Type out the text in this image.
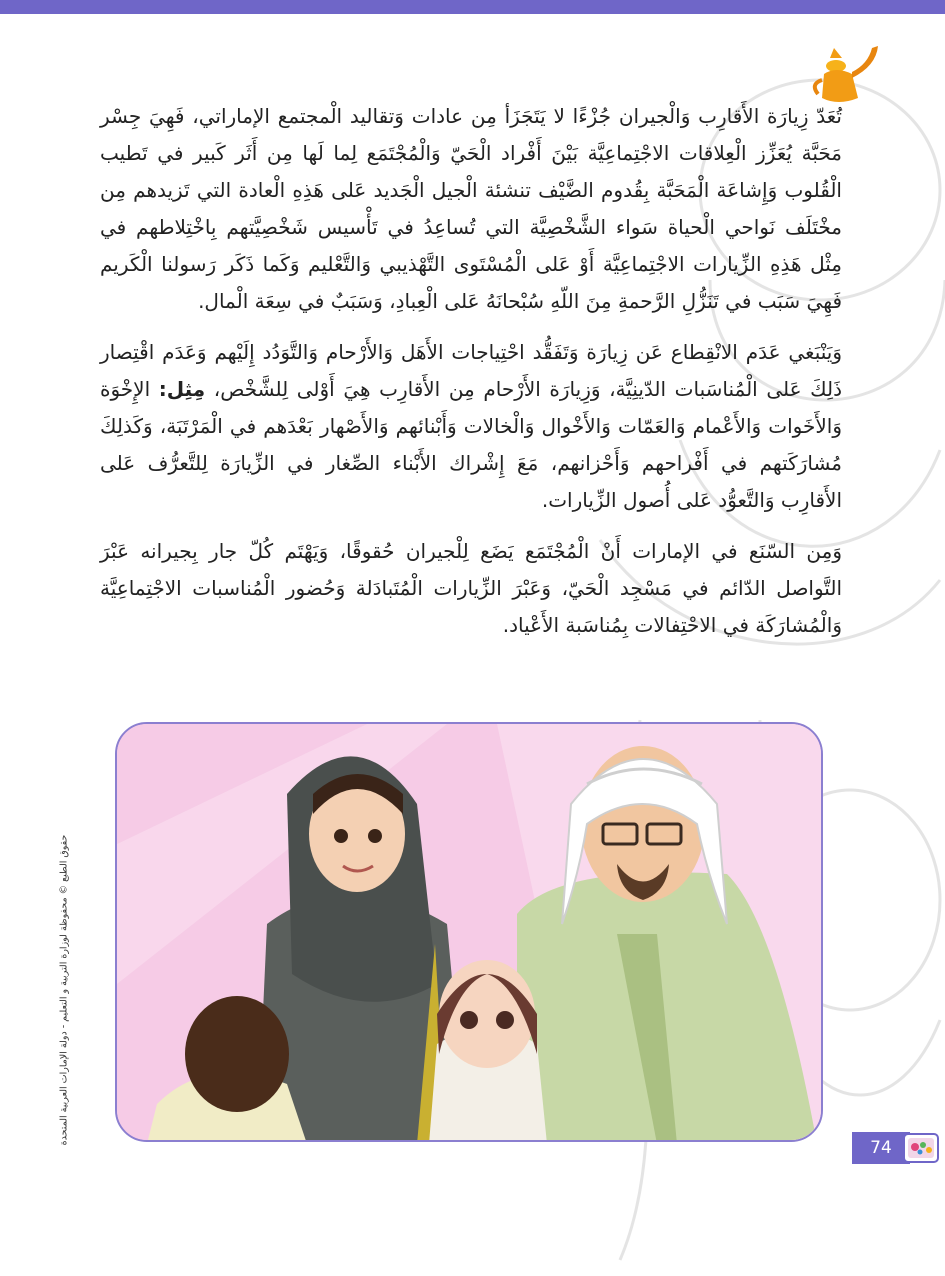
تُعَدّ زِيارَة الأَقارِب وَالْجيران جُزْءًا لا يَتَجَزَأ مِن عادات وَتقاليد الْمجتمع الإماراتي، فَهِيَ جِسْر مَحَبَّة يُعَزِّز الْعِلاقات الاجْتِماعِيَّة بَيْنَ أَفْراد الْحَيّ وَالْمُجْتَمَع لِما لَها مِن أَثَر كَبير في تَطيب الْقُلوب وَإِشاعَة الْمَحَبَّة بِقُدوم الضَّيْف تنشئة الْجيل الْجَديد عَلى هَذِهِ الْعادة التي تَزيدهم مِن مخْتَلَف نَواحي الْحياة سَواء الشَّخْصِيَّة التي تُساعِدُ في تَأْسيس شَخْصِيَّتهم بِاخْتِلاطهم في مِثْل هَذِهِ الزِّيارات الاجْتِماعِيَّة أَوْ عَلى الْمُسْتَوى التَّهْذيبي وَالتَّعْليم وَكَما ذَكَر رَسولنا الْكَريم فَهِيَ سَبَب في تَنَزُّلِ الرَّحمةِ مِنَ اللّهِ سُبْحانَهُ عَلى الْعِبادِ، وَسَبَبٌ في سِعَة الْمال.

وَيَنْبَغي عَدَم الانْقِطاع عَن زِيارَة وَتَفَقُّد احْتِياجات الأَهَل وَالأَرْحام وَالتَّوَدُد إِلَيْهم وَعَدَم اقْتِصار ذَلِكَ عَلى الْمُناسَبات الدّينِيَّة، وَزِيارَة الأَرْحام مِن الأَقارِب هِيَ أَوْلى لِلشَّخْص، مِثِل: الإِخْوَة وَالأَخَوات وَالأَعْمام وَالعَمّات وَالأَخْوال وَالْخالات وَأَبْنائهم وَالأَصْهار بَعْدَهم في الْمَرْتَبَة، وَكَذلِكَ مُشارَكَتهم في أَفْراحهم وَأَحْزانهم، مَعَ إِشْراك الأَبْناء الصِّغار في الزِّيارَة لِلتَّعرُّف عَلى الأَقارِب وَالتَّعوُّد عَلى أُصول الزِّيارات.

وَمِن السّنَع في الإمارات أَنْ الْمُجْتَمَع يَضَع لِلْجيران حُقوقًا، وَيَهْتَم كُلّ جار بِجيرانه عَبْرَ التَّواصل الدّائم في مَسْجِد الْحَيّ، وَعَبْرَ الزِّيارات الْمُتَبادَلة وَحُضور الْمُناسبات الاجْتِماعِيَّة وَالْمُشارَكَة في الاحْتِفالات بِمُناسَبة الأَعْياد.

حقوق الطبع © محفوظة لوزارة التربية و التعليم - دولة الإمارات العربية المتحدة
74
